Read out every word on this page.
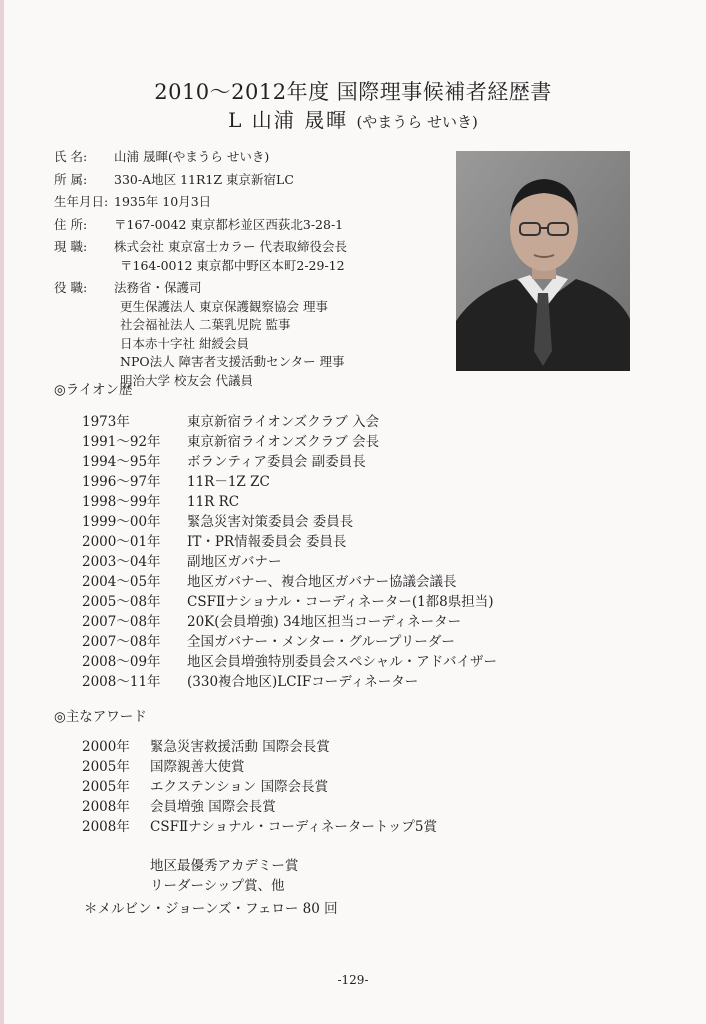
2010～2012年度 国際理事候補者経歴書
L 山浦 晟暉 (やまうら せいき)
氏 名:	山浦 晟暉(やまうら せいき)
所 属:	330-A地区 11R1Z 東京新宿LC
生年月日: 1935年 10月3日
住 所:	〒167-0042 東京都杉並区西荻北3-28-1
現 職:	株式会社 東京富士カラー 代表取締役会長
〒164-0012 東京都中野区本町2-29-12
役 職:	法務省・保護司
更生保護法人 東京保護観察協会 理事
社会福祉法人 二葉乳児院 監事
日本赤十字社 紺綬会員
NPO法人 障害者支援活動センター 理事
明治大学 校友会 代議員
◎ライオン歴
1973年	東京新宿ライオンズクラブ 入会
1991～92年	東京新宿ライオンズクラブ 会長
1994～95年	ボランティア委員会 副委員長
1996～97年	11R－1Z ZC
1998～99年	11R RC
1999～00年	緊急災害対策委員会 委員長
2000～01年	IT・PR情報委員会 委員長
2003～04年	副地区ガバナー
2004～05年	地区ガバナー、複合地区ガバナー協議会議長
2005～08年	CSFⅡナショナル・コーディネーター(1都8県担当)
2007～08年	20K(会員増強) 34地区担当コーディネーター
2007～08年	全国ガバナー・メンター・グループリーダー
2008～09年	地区会員増強特別委員会スペシャル・アドバイザー
2008～11年	(330複合地区)LCIFコーディネーター
◎主なアワード
2000年	緊急災害救援活動 国際会長賞
2005年	国際親善大使賞
2005年	エクステンション 国際会長賞
2008年	会員増強 国際会長賞
2008年	CSFⅡナショナル・コーディネータートップ5賞
地区最優秀アカデミー賞
リーダーシップ賞、他
＊メルビン・ジョーンズ・フェロー 80 回
-129-
